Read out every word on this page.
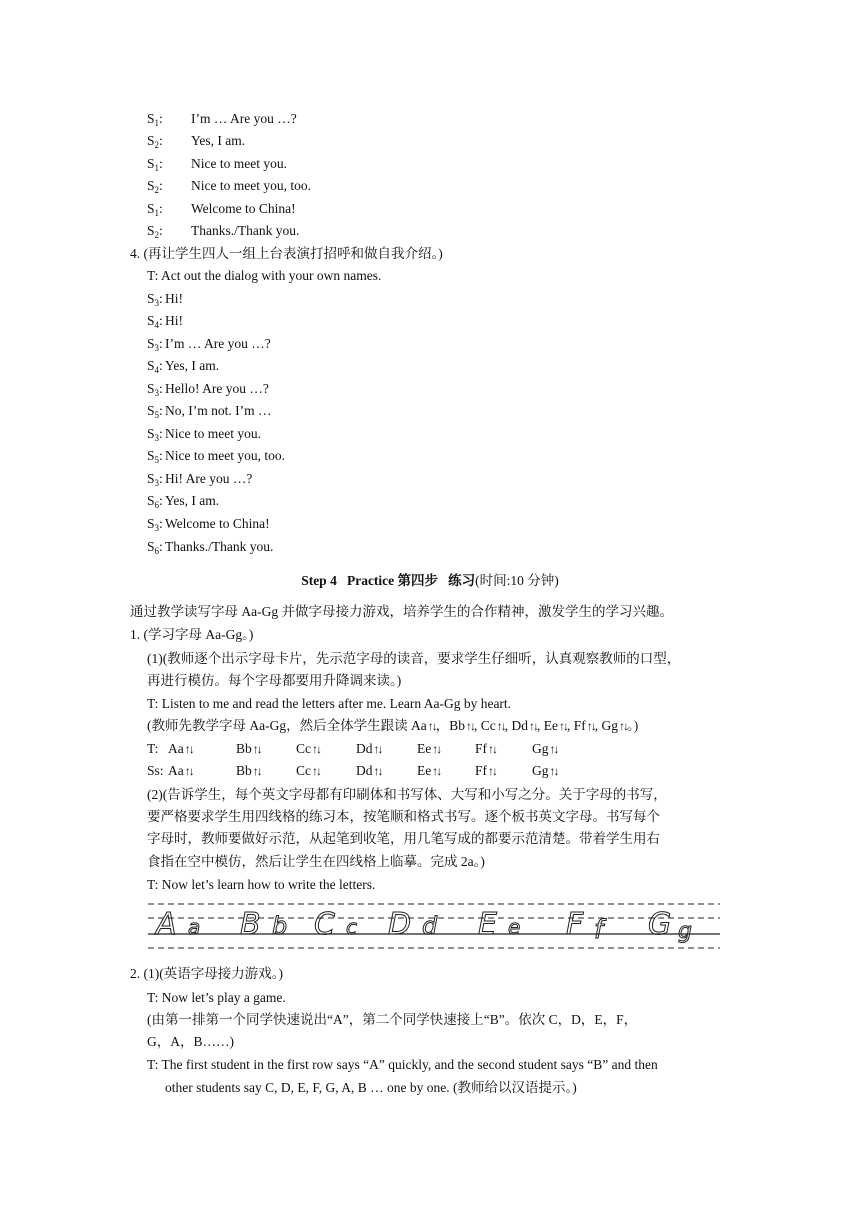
$S_1$: I’m … Are you …?
$S_2$: Yes, I am.
$S_1$: Nice to meet you.
$S_2$: Nice to meet you, too.
$S_1$: Welcome to China!
$S_2$: Thanks./Thank you.
4. (再让学生四人一组上台表演打招呼和做自我介绍。)
T: Act out the dialog with your own names.
$S_3$: Hi!
$S_4$: Hi!
$S_3$: I’m … Are you …?
$S_4$: Yes, I am.
$S_3$: Hello! Are you …?
$S_5$: No, I’m not. I’m …
$S_3$: Nice to meet you.
$S_5$: Nice to meet you, too.
$S_3$: Hi! Are you …?
$S_6$: Yes, I am.
$S_3$: Welcome to China!
$S_6$: Thanks./Thank you.
Step 4 Practice 第四步 练习(时间:10 分钟)
通过教学读写字母 Aa-Gg 并做字母接力游戏，培养学生的合作精神，激发学生的学习兴趣。
1. (学习字母 Aa-Gg。)
(1)(教师逐个出示字母卡片，先示范字母的读音，要求学生仔细听，认真观察教师的口型，
再进行模仿。每个字母都要用升降调来读。)
T: Listen to me and read the letters after me. Learn Aa-Gg by heart.
(教师先教学字母 Aa-Gg，然后全体学生跟读 Aa↑↓，Bb↑↓, Cc↑↓, Dd↑↓, Ee↑↓, Ff↑↓, Gg↑↓。)
T: Aa↑↓	Bb↑↓	Cc↑↓	Dd↑↓	Ee↑↓	Ff↑↓	Gg↑↓
Ss: Aa↑↓	Bb↑↓	Cc↑↓	Dd↑↓	Ee↑↓	Ff↑↓	Gg↑↓
(2)(告诉学生，每个英文字母都有印刷体和书写体、大写和小写之分。关于字母的书写，
要严格要求学生用四线格的练习本，按笔顺和格式书写。逐个板书英文字母。书写每个
字母时，教师要做好示范，从起笔到收笔，用几笔写成的都要示范清楚。带着学生用右
食指在空中模仿，然后让学生在四线格上临摹。完成 2a。)
T: Now let’s learn how to write the letters.
A a B b C c D d E e F f G g
2. (1)(英语字母接力游戏。)
T: Now let’s play a game.
(由第一排第一个同学快速说出“A”，第二个同学快速接上“B”。依次 C，D，E，F，
G，A，B……)
T: The first student in the first row says “A” quickly, and the second student says “B” and then
other students say C, D, E, F, G, A, B … one by one. (教师给以汉语提示。)
